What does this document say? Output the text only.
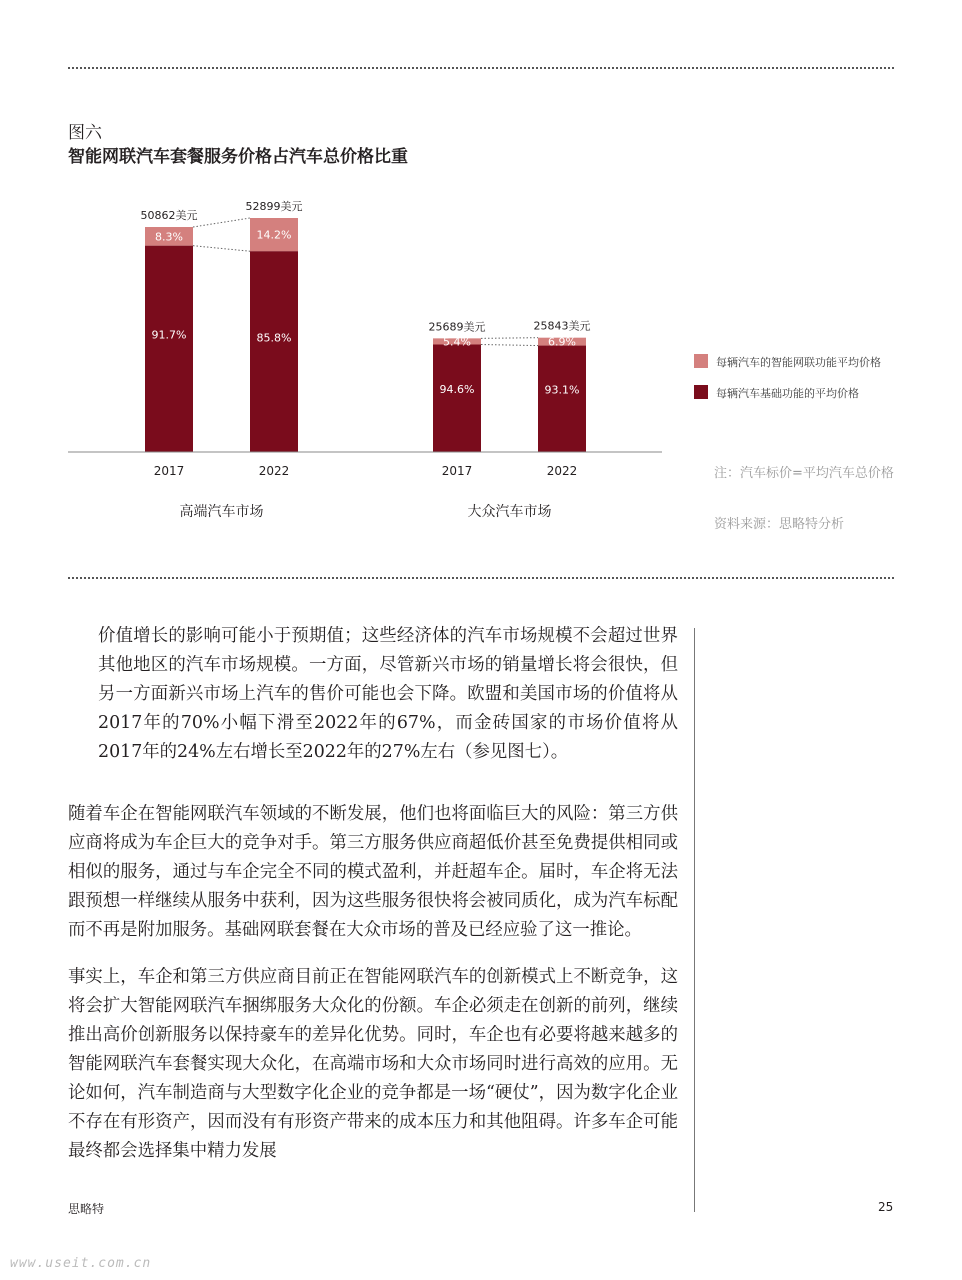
图六
智能网联汽车套餐服务价格占汽车总价格比重
8.3%
91.7%
50862美元
2017
14.2%
85.8%
52899美元
2022
5.4%
94.6%
25689美元
2017
6.9%
93.1%
25843美元
2022
高端汽车市场	大众汽车市场
每辆汽车的智能网联功能平均价格
每辆汽车基础功能的平均价格
注：汽车标价=平均汽车总价格
资料来源：思略特分析

价值增长的影响可能小于预期值；这些经济体的汽车市场规模不会超过世界其他地区的汽车市场规模。一方面，尽管新兴市场的销量增长将会很快，但另一方面新兴市场上汽车的售价可能也会下降。欧盟和美国市场的价值将从2017年的70%小幅下滑至2022年的67%，而金砖国家的市场价值将从2017年的24%左右增长至2022年的27%左右（参见图七）。

随着车企在智能网联汽车领域的不断发展，他们也将面临巨大的风险：第三方供应商将成为车企巨大的竞争对手。第三方服务供应商超低价甚至免费提供相同或相似的服务，通过与车企完全不同的模式盈利，并赶超车企。届时，车企将无法跟预想一样继续从服务中获利，因为这些服务很快将会被同质化，成为汽车标配而不再是附加服务。基础网联套餐在大众市场的普及已经应验了这一推论。

事实上，车企和第三方供应商目前正在智能网联汽车的创新模式上不断竞争，这将会扩大智能网联汽车捆绑服务大众化的份额。车企必须走在创新的前列，继续推出高价创新服务以保持豪车的差异化优势。同时，车企也有必要将越来越多的智能网联汽车套餐实现大众化，在高端市场和大众市场同时进行高效的应用。无论如何，汽车制造商与大型数字化企业的竞争都是一场“硬仗”，因为数字化企业不存在有形资产，因而没有有形资产带来的成本压力和其他阻碍。许多车企可能最终都会选择集中精力发展

思略特	25
www.useit.com.cn
